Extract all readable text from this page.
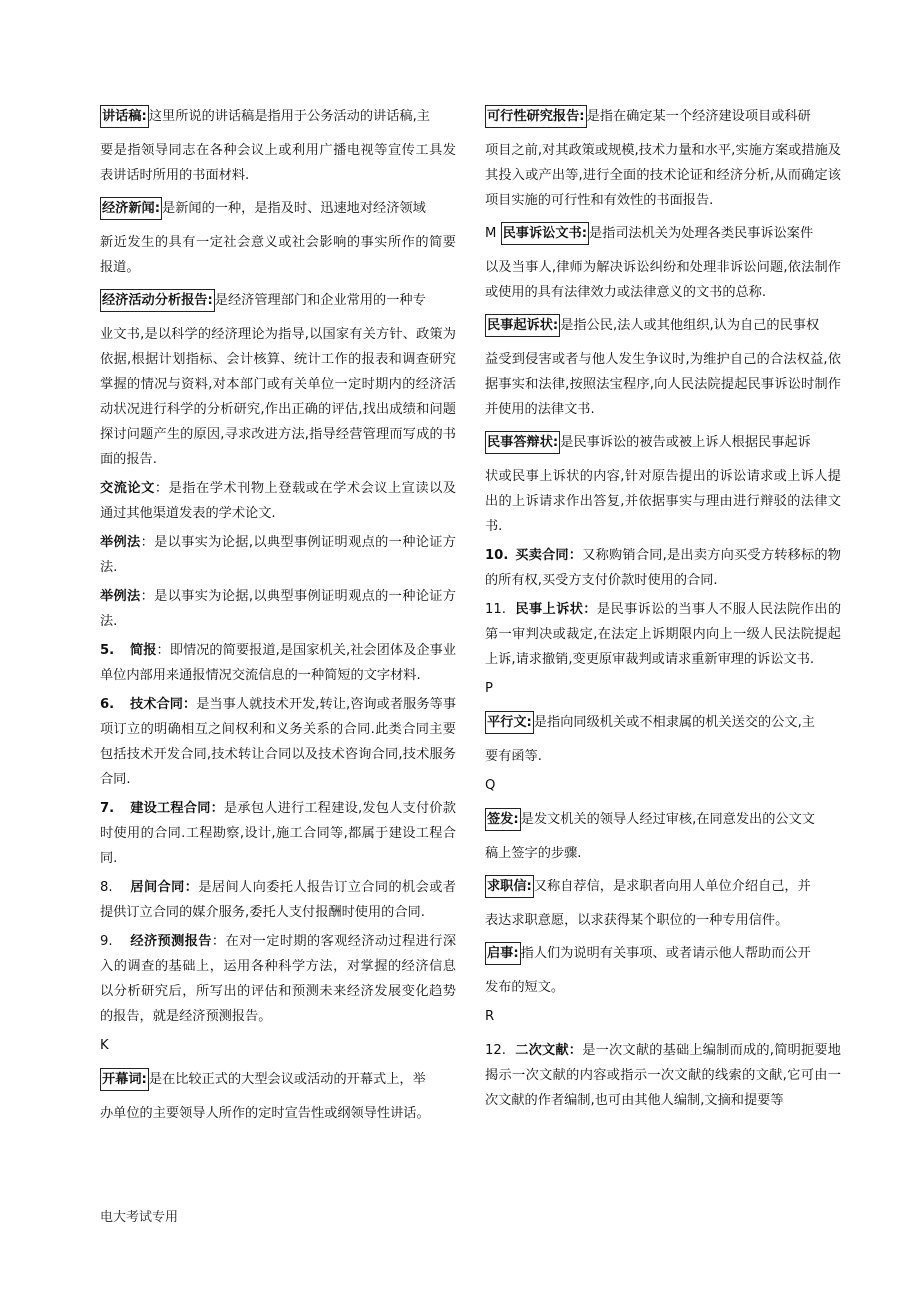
讲话稿: 这里所说的讲话稿是指用于公务活动的讲话稿,主
要是指领导同志在各种会议上或利用广播电视等宣传工具发表讲话时所用的书面材料.

经济新闻: 是新闻的一种，是指及时、迅速地对经济领域
新近发生的具有一定社会意义或社会影响的事实所作的简要报道。

经济活动分析报告: 是经济管理部门和企业常用的一种专
业文书,是以科学的经济理论为指导,以国家有关方针、政策为依据,根据计划指标、会计核算、统计工作的报表和调查研究掌握的情况与资料,对本部门或有关单位一定时期内的经济活动状况进行科学的分析研究,作出正确的评估,找出成绩和问题探讨问题产生的原因,寻求改进方法,指导经营管理而写成的书面的报告.

交流论文：是指在学术刊物上登载或在学术会议上宣读以及通过其他渠道发表的学术论文.

举例法：是以事实为论据,以典型事例证明观点的一种论证方法.

举例法：是以事实为论据,以典型事例证明观点的一种论证方法.

5. 简报：即情况的简要报道,是国家机关,社会团体及企事业单位内部用来通报情况交流信息的一种简短的文字材料.

6. 技术合同：是当事人就技术开发,转让,咨询或者服务等事项订立的明确相互之间权利和义务关系的合同.此类合同主要包括技术开发合同,技术转让合同以及技术咨询合同,技术服务合同.

7. 建设工程合同：是承包人进行工程建设,发包人支付价款时使用的合同.工程勘察,设计,施工合同等,都属于建设工程合同.

8. 居间合同：是居间人向委托人报告订立合同的机会或者提供订立合同的媒介服务,委托人支付报酬时使用的合同.

9. 经济预测报告：在对一定时期的客观经济动过程进行深入的调查的基础上，运用各种科学方法，对掌握的经济信息以分析研究后，所写出的评估和预测未来经济发展变化趋势的报告，就是经济预测报告。

K

开幕词: 是在比较正式的大型会议或活动的开幕式上，举
办单位的主要领导人所作的定时宣告性或纲领导性讲话。

可行性研究报告: 是指在确定某一个经济建设项目或科研
项目之前,对其政策或规模,技术力量和水平,实施方案或措施及其投入或产出等,进行全面的技术论证和经济分析,从而确定该项目实施的可行性和有效性的书面报告.

M 民事诉讼文书: 是指司法机关为处理各类民事诉讼案件
以及当事人,律师为解决诉讼纠纷和处理非诉讼问题,依法制作或使用的具有法律效力或法律意义的文书的总称.

民事起诉状: 是指公民,法人或其他组织,认为自己的民事权
益受到侵害或者与他人发生争议时,为维护自己的合法权益,依据事实和法律,按照法宝程序,向人民法院提起民事诉讼时制作并使用的法律文书.

民事答辩状: 是民事诉讼的被告或被上诉人根据民事起诉
状或民事上诉状的内容,针对原告提出的诉讼请求或上诉人提出的上诉请求作出答复,并依据事实与理由进行辩驳的法律文书.

10. 买卖合同：又称购销合同,是出卖方向买受方转移标的物的所有权,买受方支付价款时使用的合同.

11. 民事上诉状：是民事诉讼的当事人不服人民法院作出的第一审判决或裁定,在法定上诉期限内向上一级人民法院提起上诉,请求撤销,变更原审裁判或请求重新审理的诉讼文书.

P

平行文: 是指向同级机关或不相隶属的机关送交的公文,主
要有函等.

Q

签发: 是发文机关的领导人经过审核,在同意发出的公文文
稿上签字的步骤.

求职信: 又称自荐信，是求职者向用人单位介绍自己，并
表达求职意愿，以求获得某个职位的一种专用信件。

启事: 指人们为说明有关事项、或者请示他人帮助而公开
发布的短文。

R

12. 二次文献：是一次文献的基础上编制而成的,简明扼要地揭示一次文献的内容或指示一次文献的线索的文献,它可由一次文献的作者编制,也可由其他人编制,文摘和提要等

电大考试专用
